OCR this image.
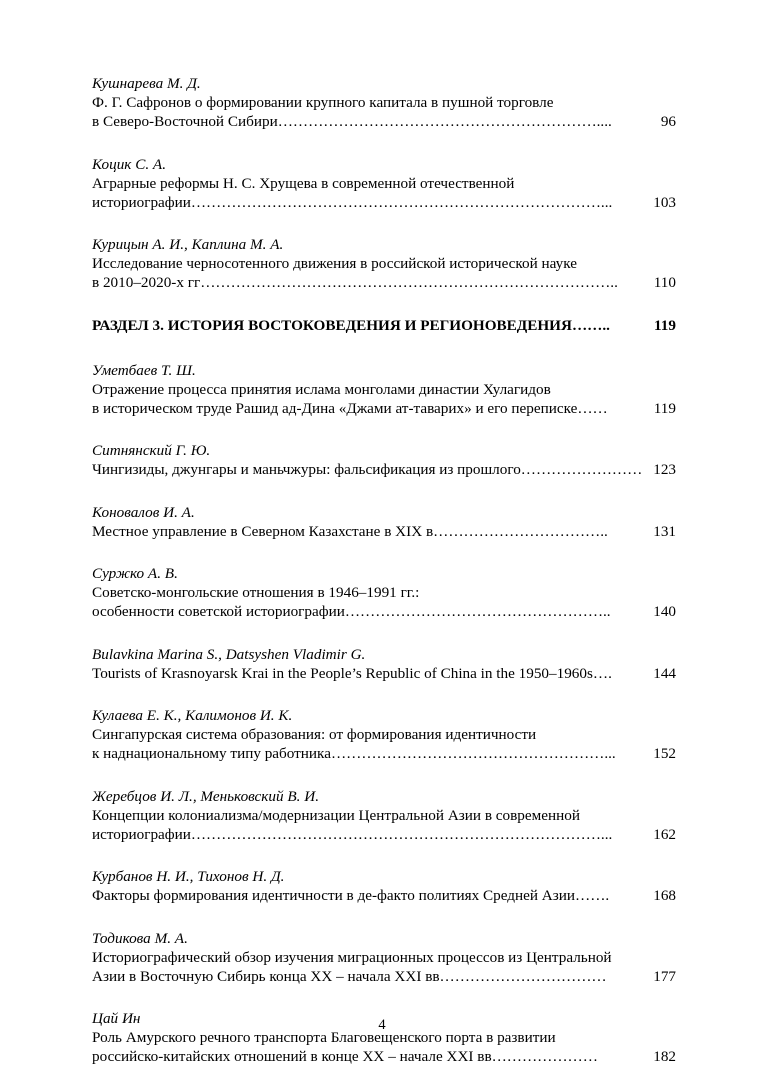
Кушнарева М. Д.
Ф. Г. Сафронов о формировании крупного капитала в пушной торговле
в Северо-Восточной Сибири………………………………………………………....	96
Коцик С. А.
Аграрные реформы Н. С. Хрущева в современной отечественной
историографии………………………………………………………………………...	103
Курицын А. И., Каплина М. А.
Исследование черносотенного движения в российской исторической науке
в 2010–2020-х гг……………………………………………………………………….. 110
РАЗДЕЛ 3. ИСТОРИЯ ВОСТОКОВЕДЕНИЯ И РЕГИОНОВЕДЕНИЯ……..	119
Уметбаев Т. Ш.
Отражение процесса принятия ислама монголами династии Хулагидов
в историческом труде Рашид ад-Дина «Джами ат-таварих» и его переписке……	119
Ситнянский Г. Ю.
Чингизиды, джунгары и маньчжуры: фальсификация из прошлого…………………… 123
Коновалов И. А.
Местное управление в Северном Казахстане в XIX в……………………………..	131
Суржко А. В.
Советско-монгольские отношения в 1946–1991 гг.:
особенности советской историографии……………………………………………..	140
Bulavkina Marina S., Datsyshen Vladimir G.
Tourists of Krasnoyarsk Krai in the People’s Republic of China in the 1950–1960s….	144
Кулаева Е. К., Калимонов И. К.
Сингапурская система образования: от формирования идентичности
к наднациональному типу работника………………………………………………... 152
Жеребцов И. Л., Меньковский В. И.
Концепции колониализма/модернизации Центральной Азии в современной
историографии………………………………………………………………………...	162
Курбанов Н. И., Тихонов Н. Д.
Факторы формирования идентичности в де-факто политиях Средней Азии…….	168
Тодикова М. А.
Историографический обзор изучения миграционных процессов из Центральной
Азии в Восточную Сибирь конца ХХ – начала ХХI вв……………………………	177
Цай Ин
Роль Амурского речного транспорта Благовещенского порта в развитии
российско-китайских отношений в конце XX – начале XXI вв…………………	182
4
